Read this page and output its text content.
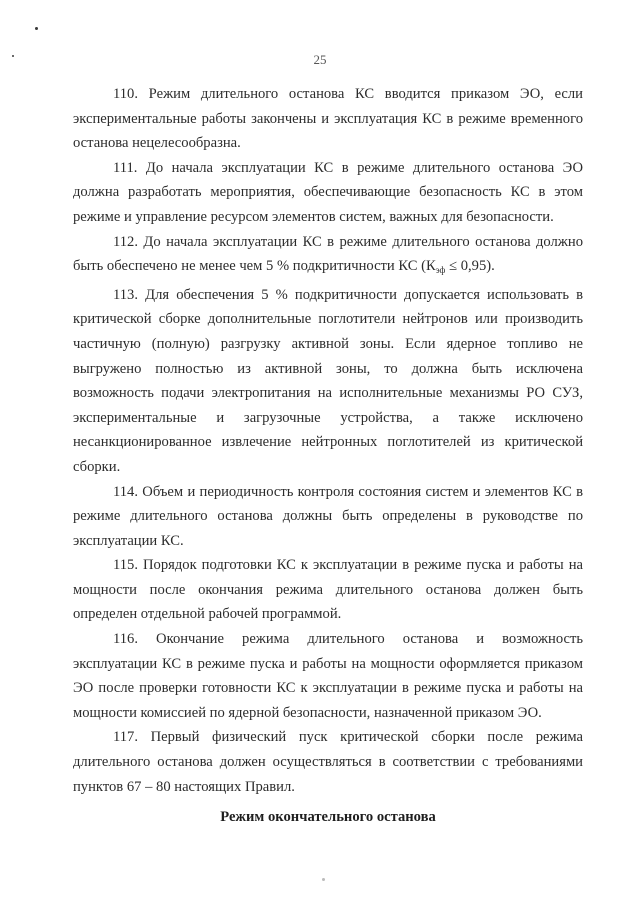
25

110. Режим длительного останова КС вводится приказом ЭО, если экспериментальные работы закончены и эксплуатация КС в режиме временного останова нецелесообразна.

111. До начала эксплуатации КС в режиме длительного останова ЭО должна разработать мероприятия, обеспечивающие безопасность КС в этом режиме и управление ресурсом элементов систем, важных для безопасности.

112. До начала эксплуатации КС в режиме длительного останова должно быть обеспечено не менее чем 5 % подкритичности КС $(К_{эф} \le 0,95)$.

113. Для обеспечения 5 % подкритичности допускается использовать в критической сборке дополнительные поглотители нейтронов или производить частичную (полную) разгрузку активной зоны. Если ядерное топливо не выгружено полностью из активной зоны, то должна быть исключена возможность подачи электропитания на исполнительные механизмы РО СУЗ, экспериментальные и загрузочные устройства, а также исключено несанкционированное извлечение нейтронных поглотителей из критической сборки.

114. Объем и периодичность контроля состояния систем и элементов КС в режиме длительного останова должны быть определены в руководстве по эксплуатации КС.

115. Порядок подготовки КС к эксплуатации в режиме пуска и работы на мощности после окончания режима длительного останова должен быть определен отдельной рабочей программой.

116. Окончание режима длительного останова и возможность эксплуатации КС в режиме пуска и работы на мощности оформляется приказом ЭО после проверки готовности КС к эксплуатации в режиме пуска и работы на мощности комиссией по ядерной безопасности, назначенной приказом ЭО.

117. Первый физический пуск критической сборки после режима длительного останова должен осуществляться в соответствии с требованиями пунктов 67 – 80 настоящих Правил.

Режим окончательного останова
